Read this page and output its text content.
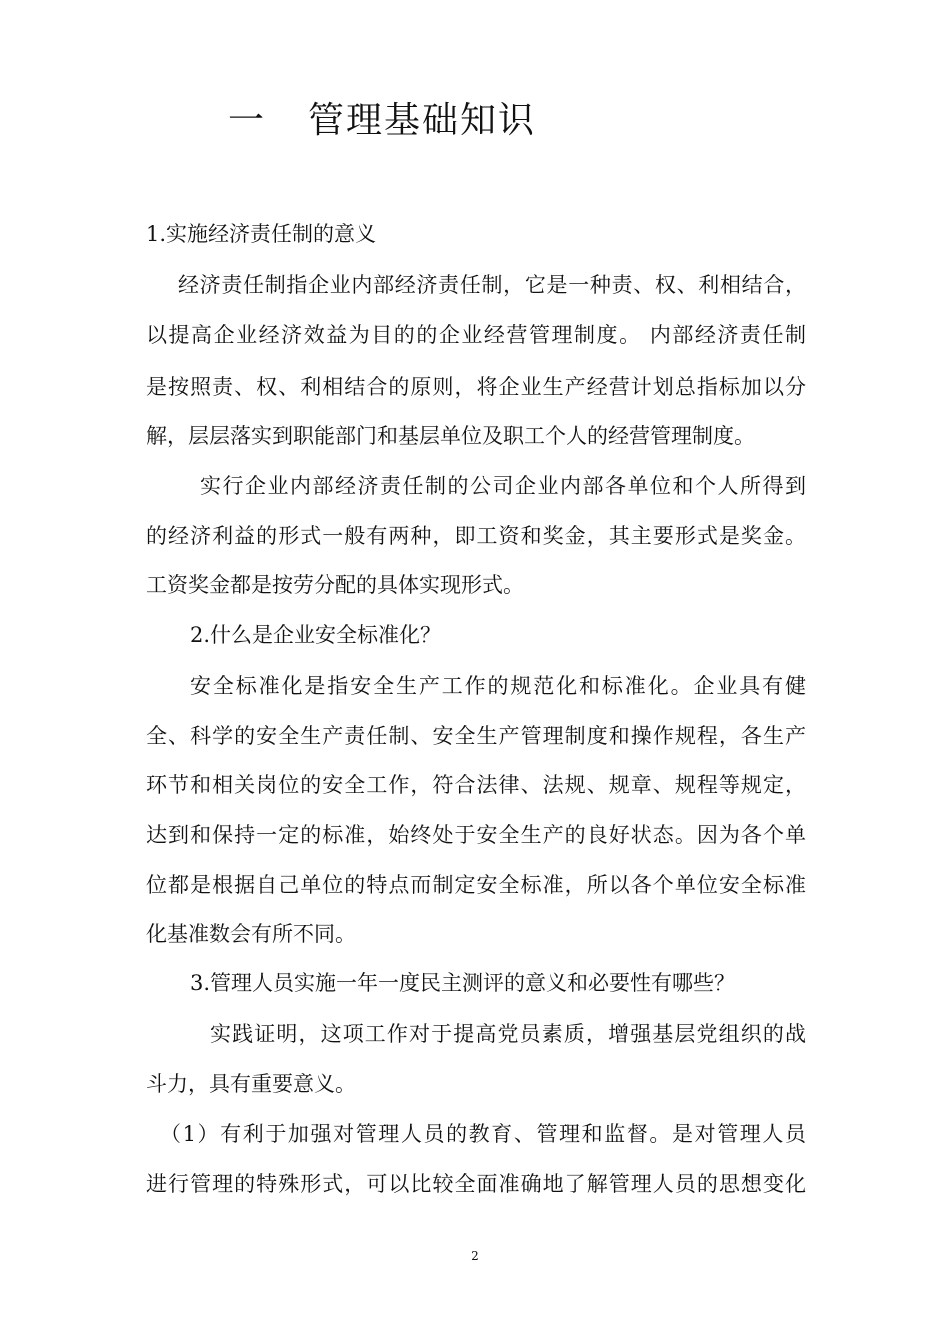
一 管理基础知识
1.实施经济责任制的意义
经济责任制指企业内部经济责任制，它是一种责、权、利相结合，
以提高企业经济效益为目的的企业经营管理制度。 内部经济责任制
是按照责、权、利相结合的原则，将企业生产经营计划总指标加以分
解，层层落实到职能部门和基层单位及职工个人的经营管理制度。
实行企业内部经济责任制的公司企业内部各单位和个人所得到
的经济利益的形式一般有两种，即工资和奖金，其主要形式是奖金。
工资奖金都是按劳分配的具体实现形式。
2.什么是企业安全标准化？
安全标准化是指安全生产工作的规范化和标准化。企业具有健
全、科学的安全生产责任制、安全生产管理制度和操作规程，各生产
环节和相关岗位的安全工作，符合法律、法规、规章、规程等规定，
达到和保持一定的标准，始终处于安全生产的良好状态。因为各个单
位都是根据自己单位的特点而制定安全标准，所以各个单位安全标准
化基准数会有所不同。
3.管理人员实施一年一度民主测评的意义和必要性有哪些？
实践证明，这项工作对于提高党员素质，增强基层党组织的战
斗力，具有重要意义。
（1）有利于加强对管理人员的教育、管理和监督。是对管理人员
进行管理的特殊形式，可以比较全面准确地了解管理人员的思想变化
2
